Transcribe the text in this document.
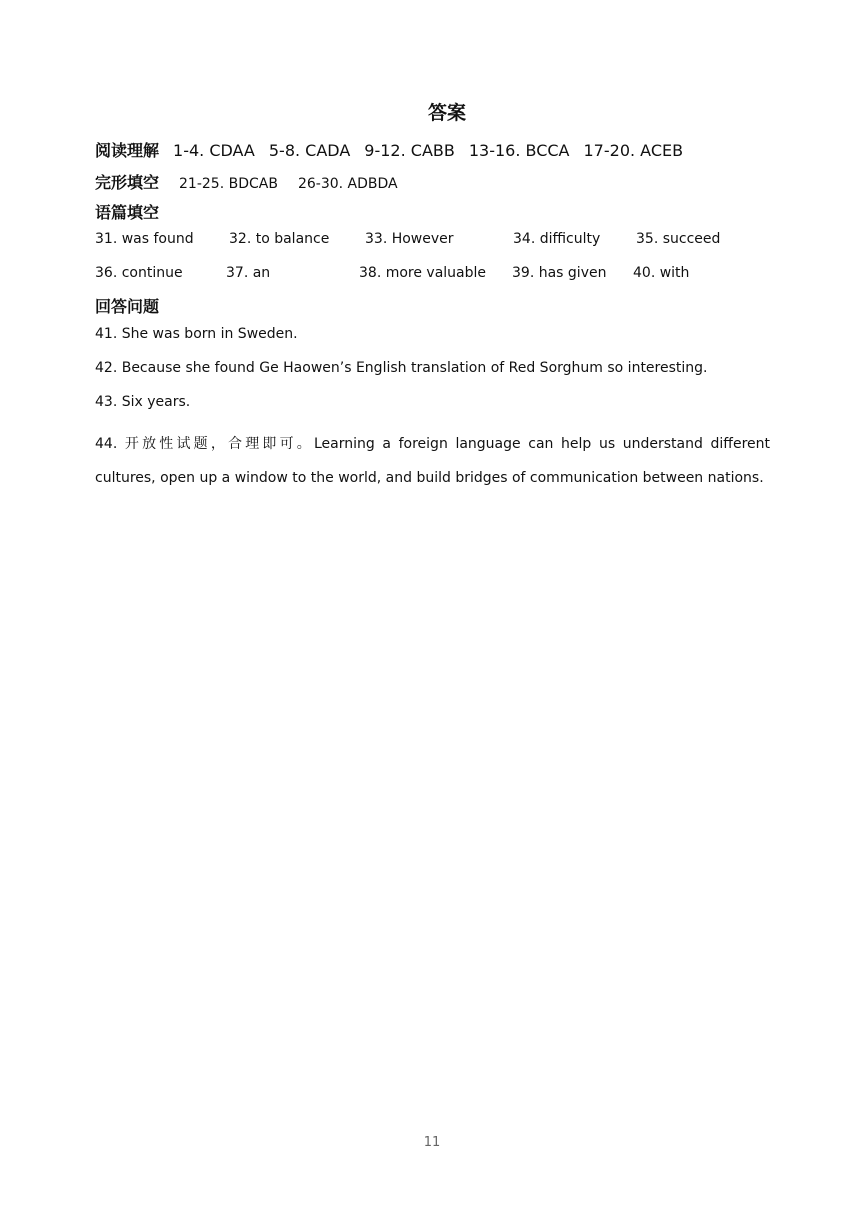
答案
阅读理解 1-4. CDAA 5-8. CADA 9-12. CABB 13-16. BCCA 17-20. ACEB
完形填空 21-25. BDCAB 26-30. ADBDA
语篇填空
31. was found	32. to balance	33. However	34. difficulty	35. succeed
36. continue	37. an	38. more valuable 39. has given 40. with
回答问题
41. She was born in Sweden.
42. Because she found Ge Haowen’s English translation of Red Sorghum so interesting.
43. Six years.
44. 开放性试题，合理即可。Learning a foreign language can help us understand different cultures, open up a window to the world, and build bridges of communication between nations.
11
